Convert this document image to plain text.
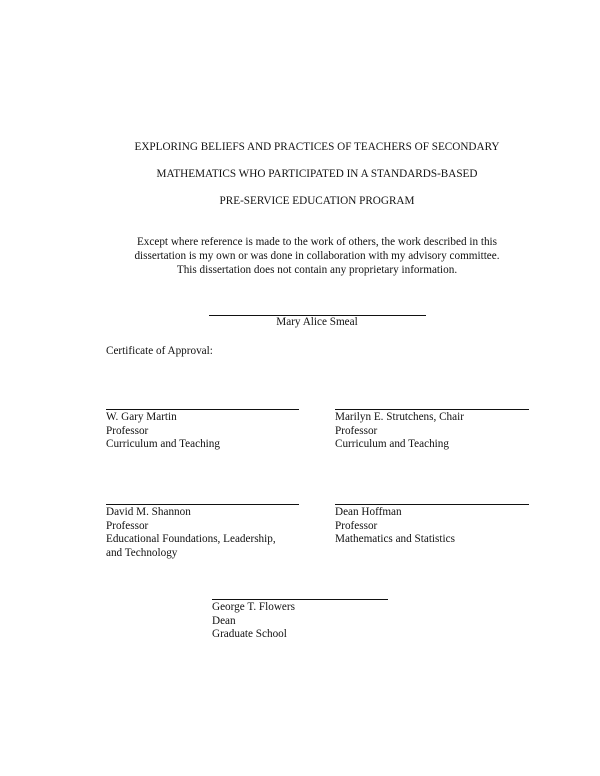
EXPLORING BELIEFS AND PRACTICES OF TEACHERS OF SECONDARY
MATHEMATICS WHO PARTICIPATED IN A STANDARDS-BASED
PRE-SERVICE EDUCATION PROGRAM
Except where reference is made to the work of others, the work described in this
dissertation is my own or was done in collaboration with my advisory committee.
This dissertation does not contain any proprietary information.
Mary Alice Smeal
Certificate of Approval:
W. Gary Martin
Professor
Curriculum and Teaching
Marilyn E. Strutchens, Chair
Professor
Curriculum and Teaching
David M. Shannon
Professor
Educational Foundations, Leadership,
and Technology
Dean Hoffman
Professor
Mathematics and Statistics
George T. Flowers
Dean
Graduate School
